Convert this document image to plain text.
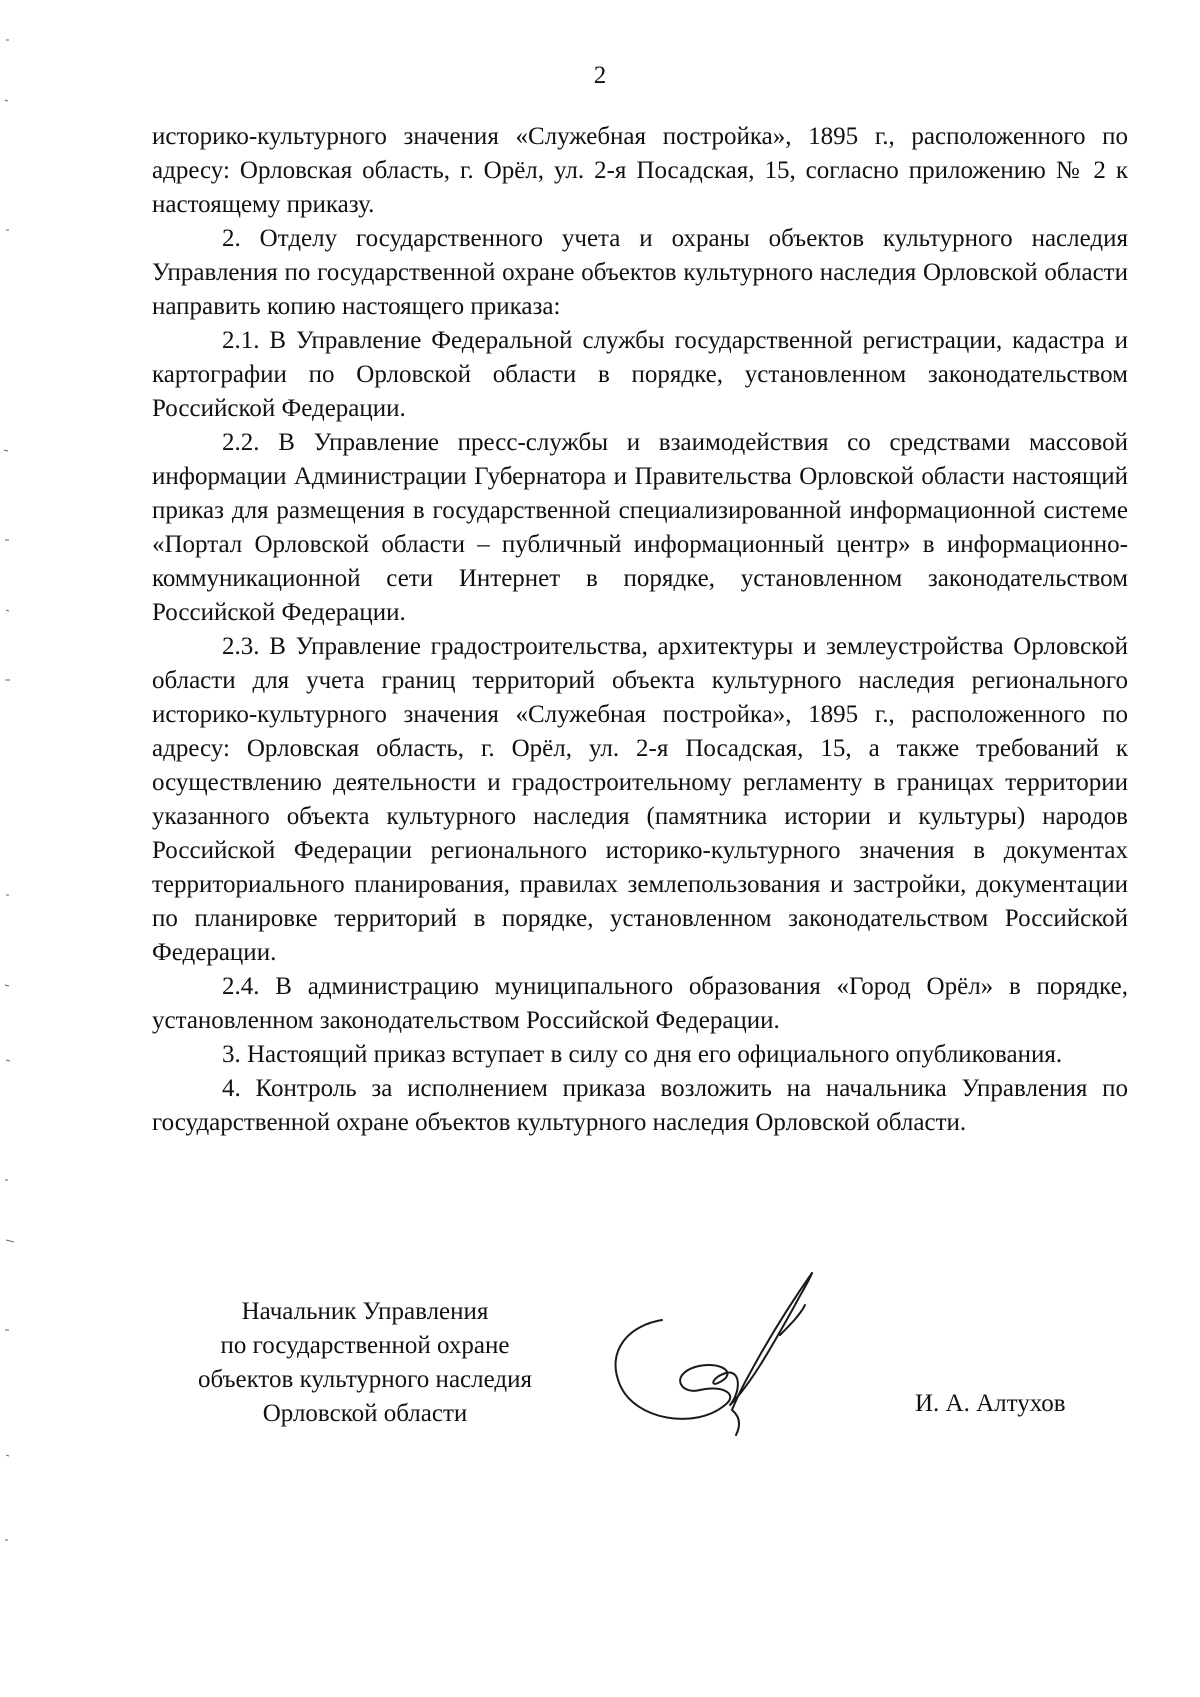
2

историко-культурного значения «Служебная постройка», 1895 г., расположенного по адресу: Орловская область, г. Орёл, ул. 2-я Посадская, 15, согласно приложению № 2 к настоящему приказу.

2. Отделу государственного учета и охраны объектов культурного наследия Управления по государственной охране объектов культурного наследия Орловской области направить копию настоящего приказа:

2.1. В Управление Федеральной службы государственной регистрации, кадастра и картографии по Орловской области в порядке, установленном законодательством Российской Федерации.

2.2. В Управление пресс-службы и взаимодействия со средствами массовой информации Администрации Губернатора и Правительства Орловской области настоящий приказ для размещения в государственной специализированной информационной системе «Портал Орловской области – публичный информационный центр» в информационно-коммуникационной сети Интернет в порядке, установленном законодательством Российской Федерации.

2.3. В Управление градостроительства, архитектуры и землеустройства Орловской области для учета границ территорий объекта культурного наследия регионального историко-культурного значения «Служебная постройка», 1895 г., расположенного по адресу: Орловская область, г. Орёл, ул. 2-я Посадская, 15, а также требований к осуществлению деятельности и градостроительному регламенту в границах территории указанного объекта культурного наследия (памятника истории и культуры) народов Российской Федерации регионального историко-культурного значения в документах территориального планирования, правилах землепользования и застройки, документации по планировке территорий в порядке, установленном законодательством Российской Федерации.

2.4. В администрацию муниципального образования «Город Орёл» в порядке, установленном законодательством Российской Федерации.

3. Настоящий приказ вступает в силу со дня его официального опубликования.

4. Контроль за исполнением приказа возложить на начальника Управления по государственной охране объектов культурного наследия Орловской области.

Начальник Управления
по государственной охране
объектов культурного наследия
Орловской области	И. А. Алтухов
